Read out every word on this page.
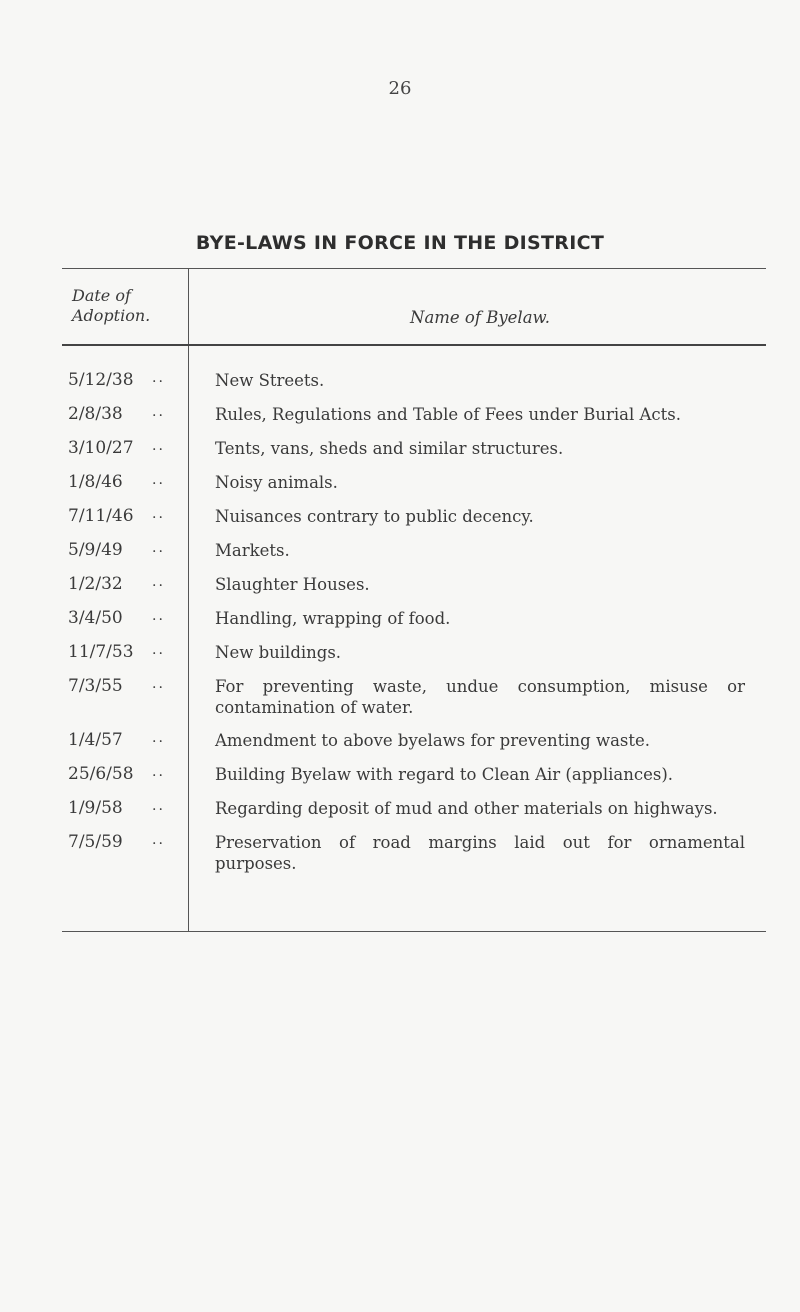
26
BYE-LAWS IN FORCE IN THE DISTRICT
Date of
Adoption.	Name of Byelaw.
5/12/38 ..	New Streets.
2/8/38 ..	Rules, Regulations and Table of Fees under Burial Acts.
3/10/27 ..	Tents, vans, sheds and similar structures.
1/8/46 ..	Noisy animals.
7/11/46 ..	Nuisances contrary to public decency.
5/9/49 ..	Markets.
1/2/32 ..	Slaughter Houses.
3/4/50 ..	Handling, wrapping of food.
11/7/53 ..	New buildings.
7/3/55 ..	For preventing waste, undue consumption, misuse or contamination of water.
1/4/57 ..	Amendment to above byelaws for preventing waste.
25/6/58 ..	Building Byelaw with regard to Clean Air (appliances).
1/9/58 ..	Regarding deposit of mud and other materials on highways.
7/5/59 ..	Preservation of road margins laid out for ornamental purposes.
